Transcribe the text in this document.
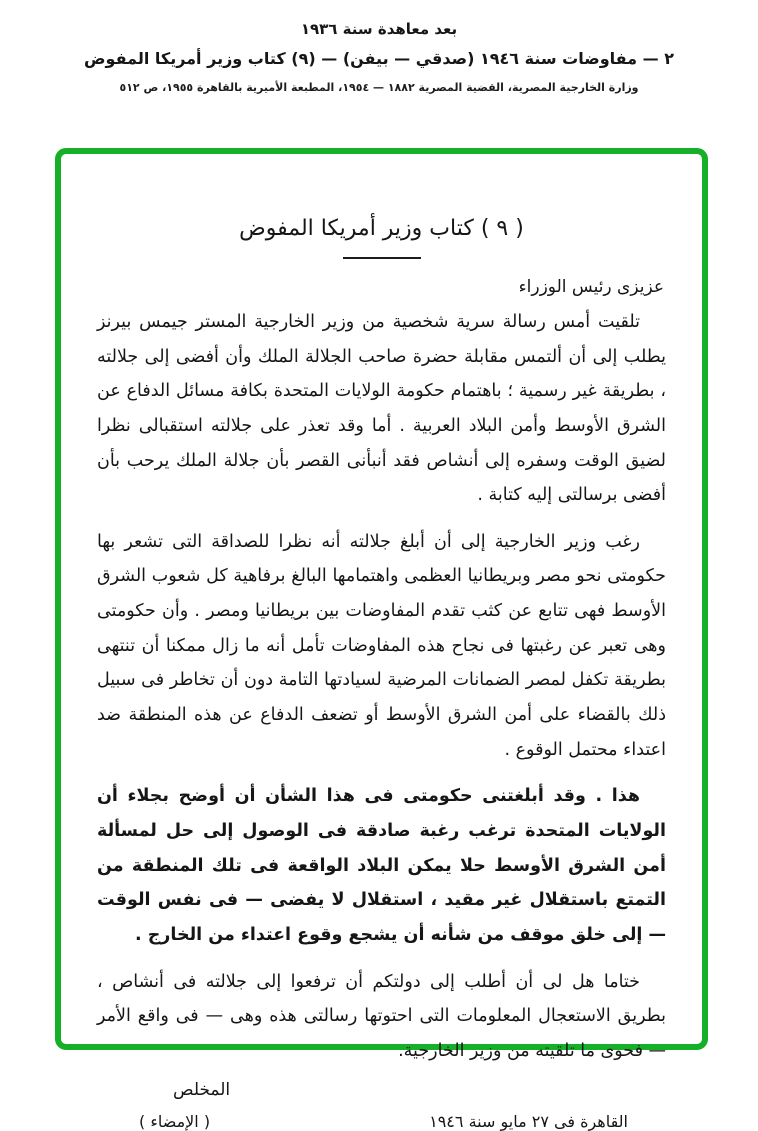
بعد معاهدة سنة ١٩٣٦
٢ — مفاوضات سنة ١٩٤٦ (صدقي — بيفن) — (٩) كتاب وزير أمريكا المفوض
وزارة الخارجية المصرية، القضية المصرية ١٨٨٢ — ١٩٥٤، المطبعة الأميرية بالقاهرة ١٩٥٥، ص ٥١٢
( ٩ ) كتاب وزير أمريكا المفوض

عزيزى رئيس الوزراء

تلقيت أمس رسالة سرية شخصية من وزير الخارجية المستر جيمس بيرنز يطلب إلى أن ألتمس مقابلة حضرة صاحب الجلالة الملك وأن أفضى إلى جلالته ، بطريقة غير رسمية ؛ باهتمام حكومة الولايات المتحدة بكافة مسائل الدفاع عن الشرق الأوسط وأمن البلاد العربية . أما وقد تعذر على جلالته استقبالى نظرا لضيق الوقت وسفره إلى أنشاص فقد أنبأنى القصر بأن جلالة الملك يرحب بأن أفضى برسالتى إليه كتابة .

رغب وزير الخارجية إلى أن أبلغ جلالته أنه نظرا للصداقة التى تشعر بها حكومتى نحو مصر وبريطانيا العظمى واهتمامها البالغ برفاهية كل شعوب الشرق الأوسط فهى تتابع عن كثب تقدم المفاوضات بين بريطانيا ومصر . وأن حكومتى وهى تعبر عن رغبتها فى نجاح هذه المفاوضات تأمل أنه ما زال ممكنا أن تنتهى بطريقة تكفل لمصر الضمانات المرضية لسيادتها التامة دون أن تخاطر فى سبيل ذلك بالقضاء على أمن الشرق الأوسط أو تضعف الدفاع عن هذه المنطقة ضد اعتداء محتمل الوقوع .

هذا . وقد أبلغتنى حكومتى فى هذا الشأن أن أوضح بجلاء أن الولايات المتحدة ترغب رغبة صادقة فى الوصول إلى حل لمسألة أمن الشرق الأوسط حلا يمكن البلاد الواقعة فى تلك المنطقة من التمتع باستقلال غير مقيد ، استقلال لا يفضى — فى نفس الوقت — إلى خلق موقف من شأنه أن يشجع وقوع اعتداء من الخارج .

ختاما هل لى أن أطلب إلى دولتكم أن ترفعوا إلى جلالته فى أنشاص ، بطريق الاستعجال المعلومات التى احتوتها رسالتى هذه وهى — فى واقع الأمر — فحوى ما تلقيته من وزير الخارجية.

المخلص
القاهرة فى ٢٧ مايو سنة ١٩٤٦
( الإمضاء )
